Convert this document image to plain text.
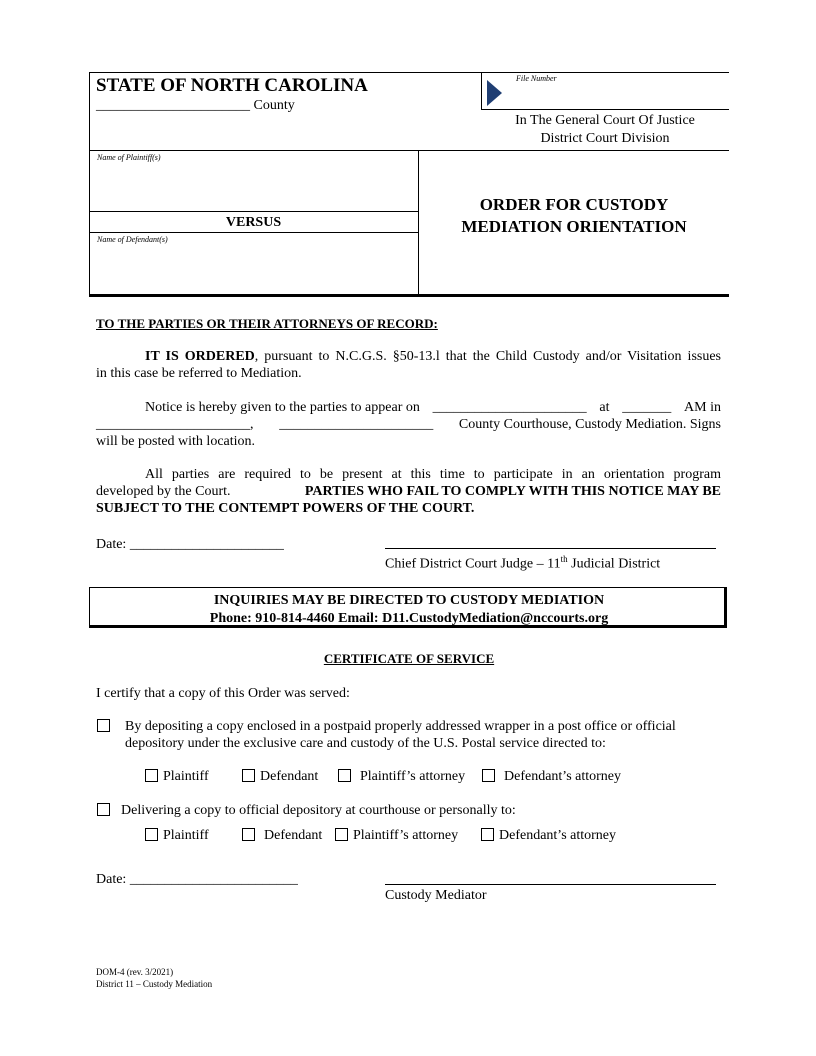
STATE OF NORTH CAROLINA
______________________ County
File Number
In The General Court Of Justice
District Court Division
Name of Plaintiff(s)
VERSUS
Name of Defendant(s)
ORDER FOR CUSTODY
MEDIATION ORIENTATION
TO THE PARTIES OR THEIR ATTORNEYS OF RECORD:
IT IS ORDERED, pursuant to N.C.G.S. §50-13.l that the Child Custody and/or Visitation issues
in this case be referred to Mediation.
Notice is hereby given to the parties to appear on ______________________ at _______ AM in
______________________, ______________________ County Courthouse, Custody Mediation. Signs
will be posted with location.
All parties are required to be present at this time to participate in an orientation program
developed by the Court.	PARTIES WHO FAIL TO COMPLY WITH THIS NOTICE MAY BE
SUBJECT TO THE CONTEMPT POWERS OF THE COURT.
Date: ______________________
Chief District Court Judge – 11th Judicial District
INQUIRIES MAY BE DIRECTED TO CUSTODY MEDIATION
Phone: 910-814-4460 Email: D11.CustodyMediation@nccourts.org
CERTIFICATE OF SERVICE
I certify that a copy of this Order was served:
By depositing a copy enclosed in a postpaid properly addressed wrapper in a post office or official
depository under the exclusive care and custody of the U.S. Postal service directed to:
Plaintiff	Defendant	Plaintiff’s attorney	Defendant’s attorney
Delivering a copy to official depository at courthouse or personally to:
Plaintiff	Defendant	Plaintiff’s attorney	Defendant’s attorney
Date: ________________________
Custody Mediator
DOM-4 (rev. 3/2021)
District 11 – Custody Mediation
